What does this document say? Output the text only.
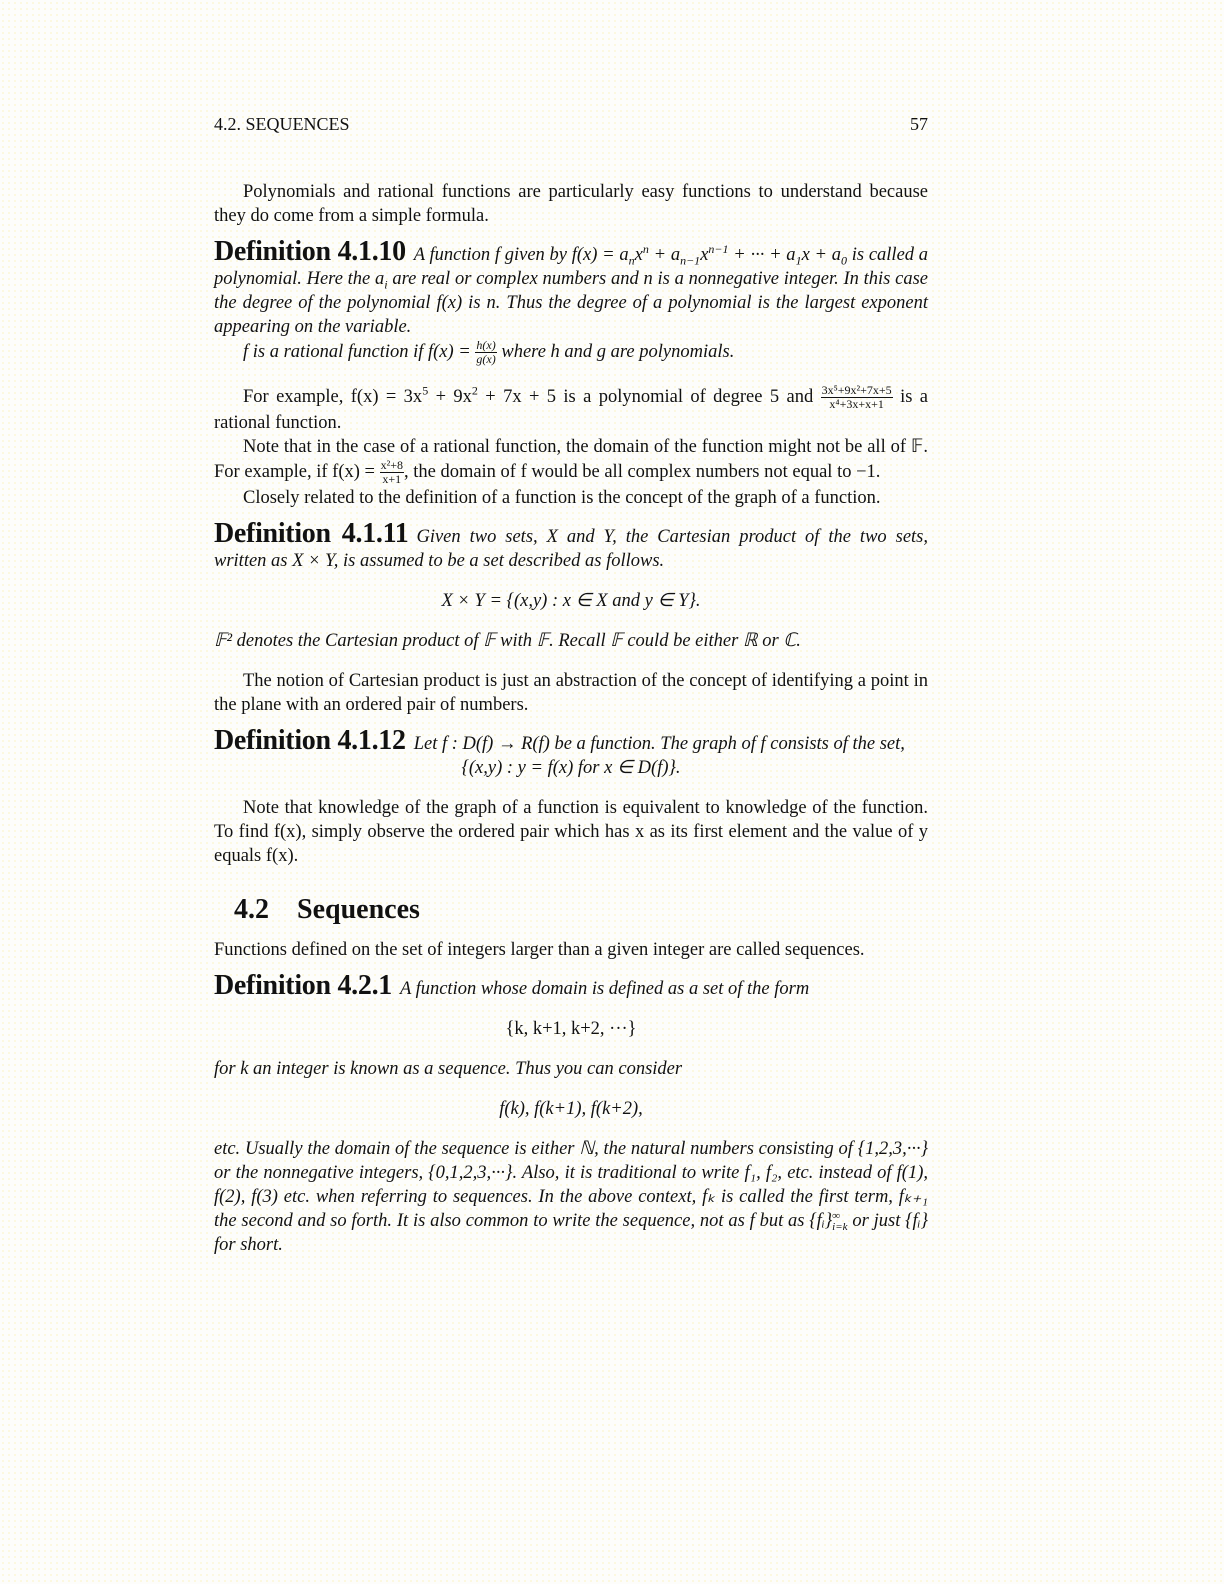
4.2. SEQUENCES	57

Polynomials and rational functions are particularly easy functions to understand because they do come from a simple formula.

Definition 4.1.10 A function f given by $f(x) = a_nx^n + a_{n-1}x^{n-1}$ + ··· + $a_1x + a_0$ is called a polynomial. Here the $a_i$ are real or complex numbers and n is a nonnegative integer. In this case the degree of the polynomial f(x) is n. Thus the degree of a polynomial is the largest exponent appearing on the variable.
f is a rational function if $f(x) = \frac{h(x)}{g(x)}$ where h and g are polynomials.

For example, $f(x) = 3x^5 + 9x^2 + 7x + 5$ is a polynomial of degree 5 and $\frac{\text{3x⁵+9x²+7x+5}}{\text{x⁴+3x+x+1}}$ is a rational function.

Note that in the case of a rational function, the domain of the function might not be all of 𝔽. For example, if $f(x) = \frac{\text{x²+8}}{x+1}$ , the domain of f would be all complex numbers not equal to −1.

Closely related to the definition of a function is the concept of the graph of a function.

Definition 4.1.11 Given two sets, X and Y, the Cartesian product of the two sets, written as X × Y, is assumed to be a set described as follows.
X × Y = {(x,y) : x ∈ X and y ∈ Y}.

𝔽² denotes the Cartesian product of 𝔽 with 𝔽. Recall 𝔽 could be either ℝ or ℂ.

The notion of Cartesian product is just an abstraction of the concept of identifying a point in the plane with an ordered pair of numbers.

Definition 4.1.12 Let f : D(f) → R(f) be a function. The graph of f consists of the set,
{(x,y) : y = f(x) for x ∈ D(f)}.

Note that knowledge of the graph of a function is equivalent to knowledge of the function. To find f(x), simply observe the ordered pair which has x as its first element and the value of y equals f(x).

4.2 Sequences

Functions defined on the set of integers larger than a given integer are called sequences.

Definition 4.2.1 A function whose domain is defined as a set of the form
{k, k+1, k+2, ···}

for k an integer is known as a sequence. Thus you can consider

f(k), f(k+1), f(k+2),

etc. Usually the domain of the sequence is either ℕ, the natural numbers consisting of {1,2,3,···} or the nonnegative integers, {0,1,2,3,···}. Also, it is traditional to write f₁, f₂, etc. instead of f(1), f(2), f(3) etc. when referring to sequences. In the above context, fₖ is called the first term, fₖ₊₁ the second and so forth. It is also common to write the sequence, not as f but as {fᵢ} ∞
i=k or just {fᵢ} for short.
